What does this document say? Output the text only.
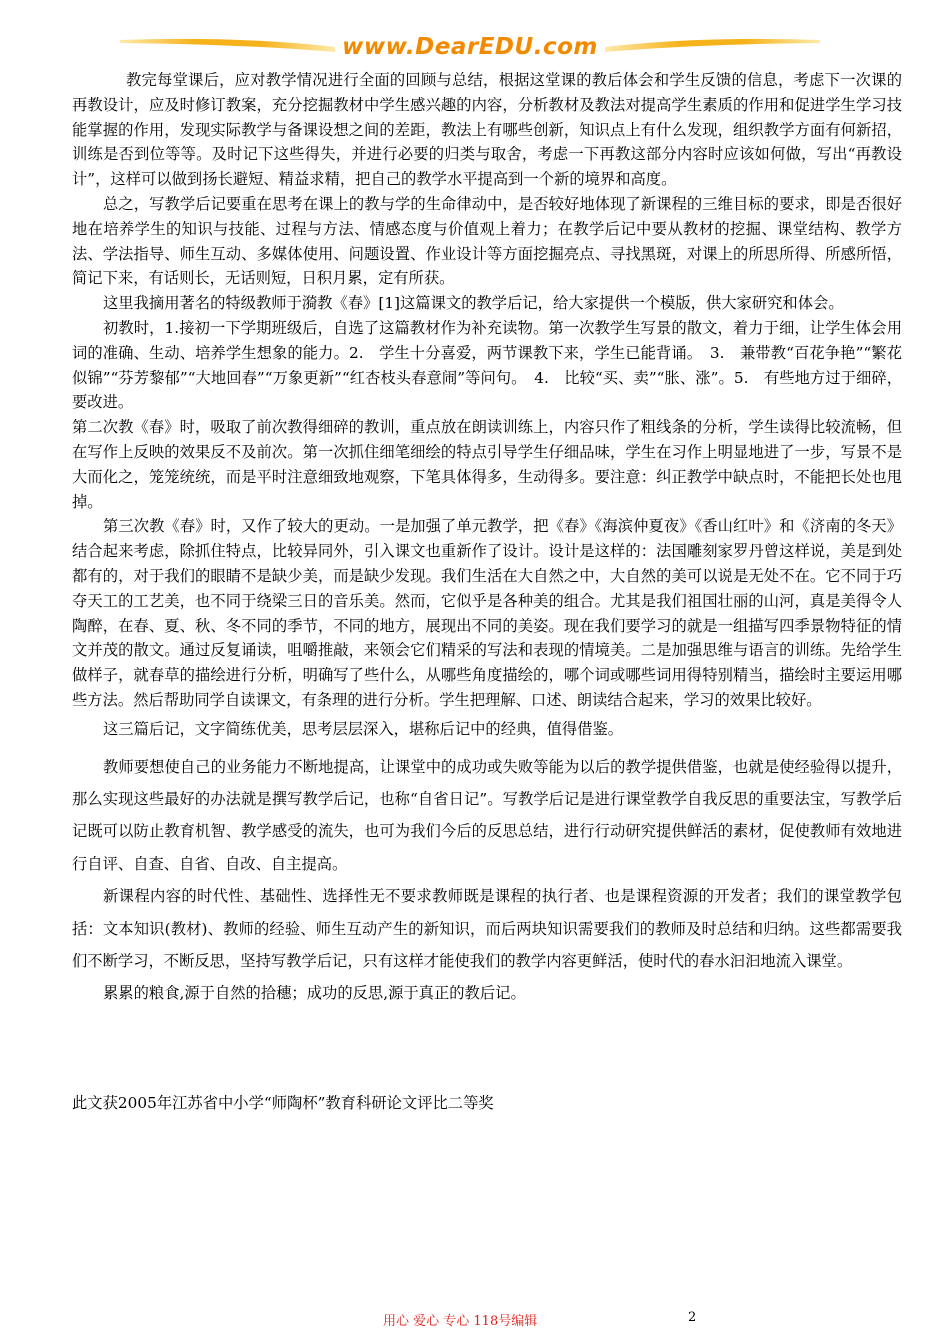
www.DearEDU.com

教完每堂课后，应对教学情况进行全面的回顾与总结，根据这堂课的教后体会和学生反馈的信息，考虑下一次课的再教设计，应及时修订教案，充分挖掘教材中学生感兴趣的内容，分析教材及教法对提高学生素质的作用和促进学生学习技能掌握的作用，发现实际教学与备课设想之间的差距，教法上有哪些创新，知识点上有什么发现，组织教学方面有何新招，训练是否到位等等。及时记下这些得失，并进行必要的归类与取舍，考虑一下再教这部分内容时应该如何做，写出“再教设计”，这样可以做到扬长避短、精益求精，把自己的教学水平提高到一个新的境界和高度。

总之，写教学后记要重在思考在课上的教与学的生命律动中，是否较好地体现了新课程的三维目标的要求，即是否很好地在培养学生的知识与技能、过程与方法、情感态度与价值观上着力；在教学后记中要从教材的挖掘、课堂结构、教学方法、学法指导、师生互动、多媒体使用、问题设置、作业设计等方面挖掘亮点、寻找黑斑，对课上的所思所得、所感所悟，简记下来，有话则长，无话则短，日积月累，定有所获。

这里我摘用著名的特级教师于漪教《春》[1]这篇课文的教学后记，给大家提供一个模版，供大家研究和体会。

初教时，1.接初一下学期班级后，自选了这篇教材作为补充读物。第一次教学生写景的散文，着力于细，让学生体会用词的准确、生动、培养学生想象的能力。2.　学生十分喜爱，两节课教下来，学生已能背诵。　3.　兼带教“百花争艳”“繁花似锦”“芬芳黎郁”“大地回春”“万象更新”“红杏枝头春意闹”等问句。　4.　比较“买、卖”“胀、涨”。5.　有些地方过于细碎，要改进。

第二次教《春》时，吸取了前次教得细碎的教训，重点放在朗读训练上，内容只作了粗线条的分析，学生读得比较流畅，但在写作上反映的效果反不及前次。第一次抓住细笔细绘的特点引导学生仔细品味，学生在习作上明显地进了一步，写景不是大而化之，笼笼统统，而是平时注意细致地观察，下笔具体得多，生动得多。要注意：纠正教学中缺点时，不能把长处也甩掉。

第三次教《春》时，又作了较大的更动。一是加强了单元教学，把《春》《海滨仲夏夜》《香山红叶》和《济南的冬天》结合起来考虑，除抓住特点，比较异同外，引入课文也重新作了设计。设计是这样的：法国雕刻家罗丹曾这样说，美是到处都有的，对于我们的眼睛不是缺少美，而是缺少发现。我们生活在大自然之中，大自然的美可以说是无处不在。它不同于巧夺天工的工艺美，也不同于绕梁三日的音乐美。然而，它似乎是各种美的组合。尤其是我们祖国壮丽的山河，真是美得令人陶醉，在春、夏、秋、冬不同的季节，不同的地方，展现出不同的美姿。现在我们要学习的就是一组描写四季景物特征的情文并茂的散文。通过反复诵读，咀嚼推敲，来领会它们精采的写法和表现的情境美。二是加强思维与语言的训练。先给学生做样子，就春草的描绘进行分析，明确写了些什么，从哪些角度描绘的，哪个词或哪些词用得特别精当，描绘时主要运用哪些方法。然后帮助同学自读课文，有条理的进行分析。学生把理解、口述、朗读结合起来，学习的效果比较好。

这三篇后记，文字简练优美，思考层层深入，堪称后记中的经典，值得借鉴。

教师要想使自己的业务能力不断地提高，让课堂中的成功或失败等能为以后的教学提供借鉴，也就是使经验得以提升，那么实现这些最好的办法就是撰写教学后记，也称“自省日记”。写教学后记是进行课堂教学自我反思的重要法宝，写教学后记既可以防止教育机智、教学感受的流失，也可为我们今后的反思总结，进行行动研究提供鲜活的素材，促使教师有效地进行自评、自查、自省、自改、自主提高。

新课程内容的时代性、基础性、选择性无不要求教师既是课程的执行者、也是课程资源的开发者；我们的课堂教学包括：文本知识(教材)、教师的经验、师生互动产生的新知识，而后两块知识需要我们的教师及时总结和归纳。这些都需要我们不断学习，不断反思，坚持写教学后记，只有这样才能使我们的教学内容更鲜活，使时代的春水汩汩地流入课堂。

累累的粮食,源于自然的拾穗；成功的反思,源于真正的教后记。

此文获2005年江苏省中小学“师陶杯”教育科研论文评比二等奖
用心 爱心 专心 118号编辑	2
